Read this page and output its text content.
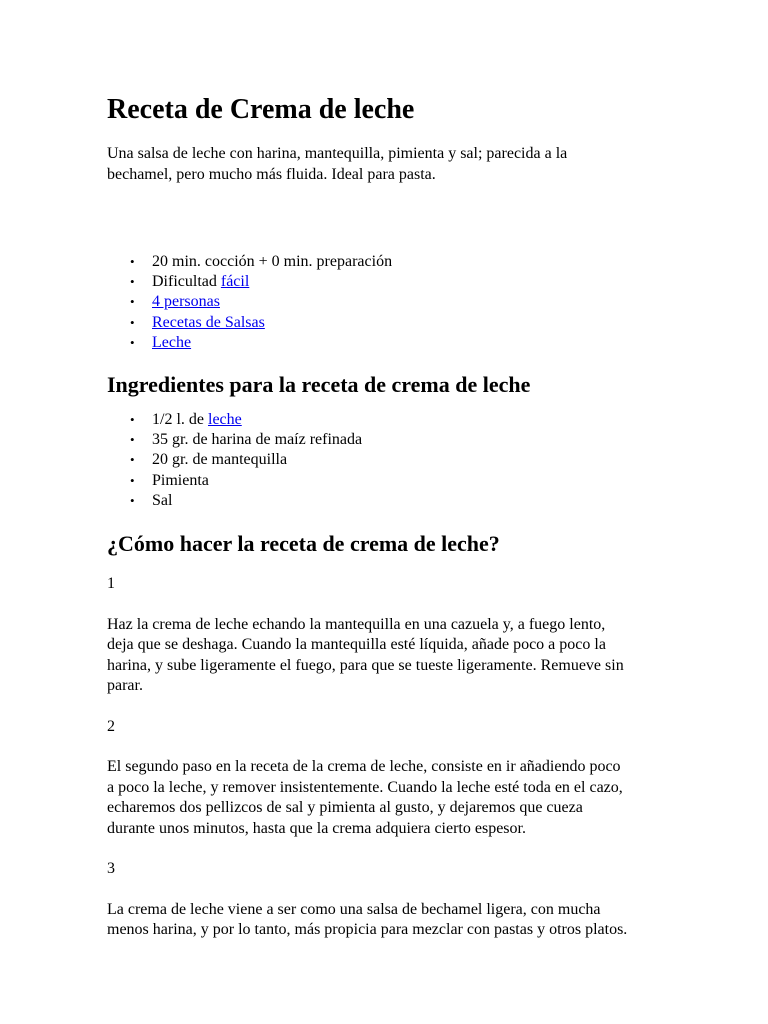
Receta de Crema de leche

Una salsa de leche con harina, mantequilla, pimienta y sal; parecida a la
bechamel, pero mucho más fluida. Ideal para pasta.

• 20 min. cocción + 0 min. preparación
• Dificultad fácil
• 4 personas
• Recetas de Salsas
• Leche
Ingredientes para la receta de crema de leche
• 1/2 l. de leche
• 35 gr. de harina de maíz refinada
• 20 gr. de mantequilla
• Pimienta
• Sal
¿Cómo hacer la receta de crema de leche?

1

Haz la crema de leche echando la mantequilla en una cazuela y, a fuego lento,
deja que se deshaga. Cuando la mantequilla esté líquida, añade poco a poco la
harina, y sube ligeramente el fuego, para que se tueste ligeramente. Remueve sin
parar.

2

El segundo paso en la receta de la crema de leche, consiste en ir añadiendo poco
a poco la leche, y remover insistentemente. Cuando la leche esté toda en el cazo,
echaremos dos pellizcos de sal y pimienta al gusto, y dejaremos que cueza
durante unos minutos, hasta que la crema adquiera cierto espesor.

3

La crema de leche viene a ser como una salsa de bechamel ligera, con mucha
menos harina, y por lo tanto, más propicia para mezclar con pastas y otros platos.
